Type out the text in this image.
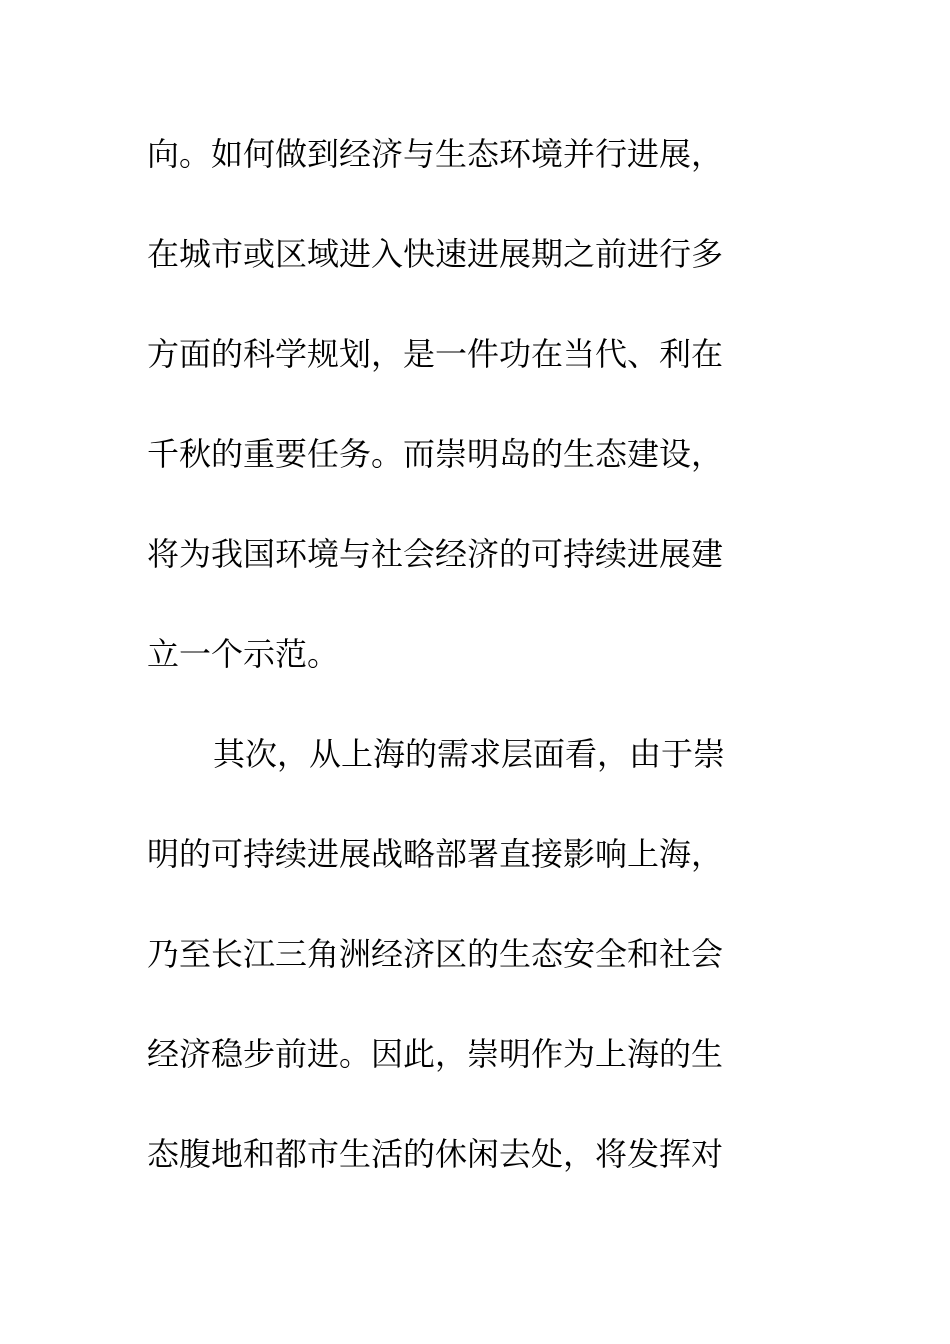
向。如何做到经济与生态环境并行进展，
在城市或区域进入快速进展期之前进行多
方面的科学规划，是一件功在当代、利在
千秋的重要任务。而崇明岛的生态建设，
将为我国环境与社会经济的可持续进展建
立一个示范。
其次，从上海的需求层面看，由于崇
明的可持续进展战略部署直接影响上海，
乃至长江三角洲经济区的生态安全和社会
经济稳步前进。因此，崇明作为上海的生
态腹地和都市生活的休闲去处，将发挥对
